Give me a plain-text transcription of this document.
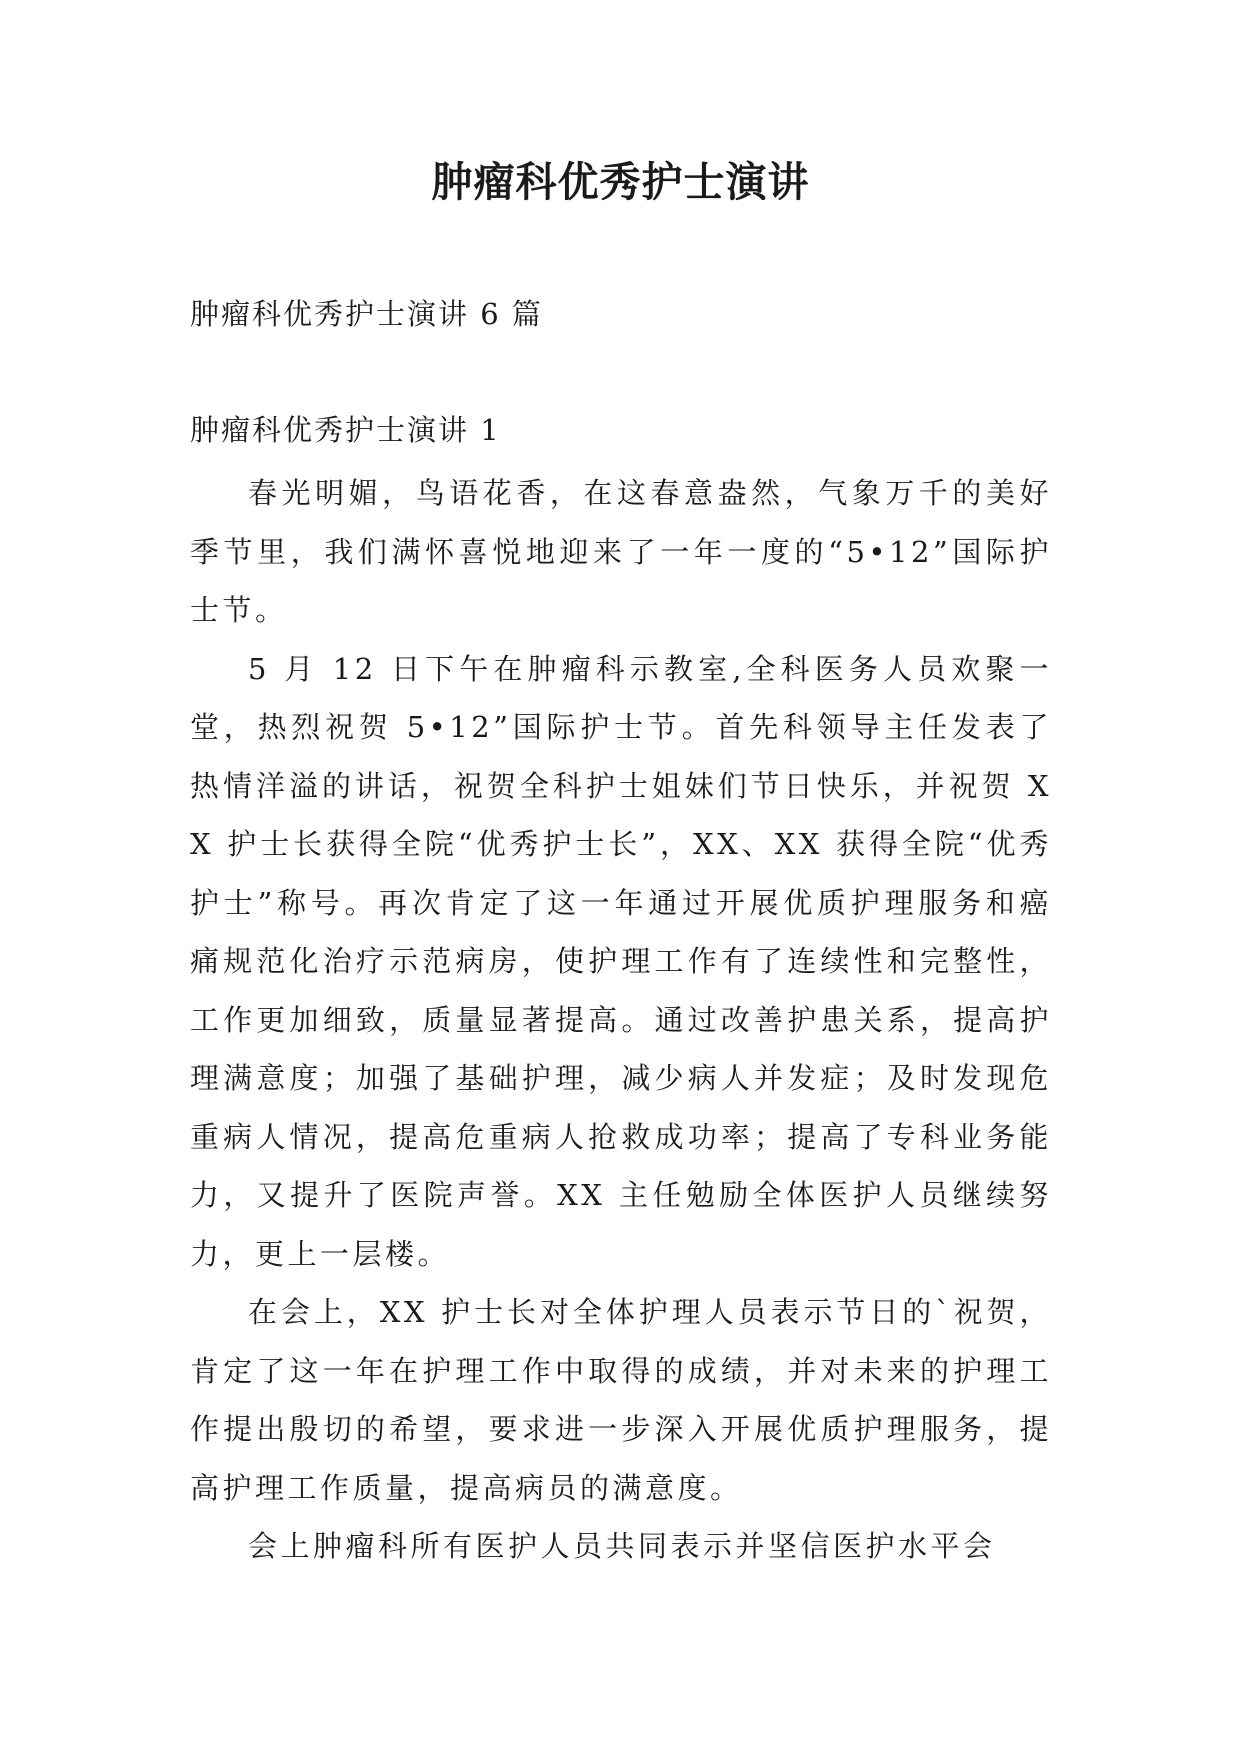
肿瘤科优秀护士演讲

肿瘤科优秀护士演讲 6 篇

肿瘤科优秀护士演讲 1

春光明媚，鸟语花香，在这春意盎然，气象万千的美好季节里，我们满怀喜悦地迎来了一年一度的“5•12”国际护士节。

5 月 12 日下午在肿瘤科示教室,全科医务人员欢聚一堂，热烈祝贺 5•12”国际护士节。首先科领导主任发表了热情洋溢的讲话，祝贺全科护士姐妹们节日快乐，并祝贺 XX 护士长获得全院“优秀护士长”，XX、XX 获得全院“优秀护士”称号。再次肯定了这一年通过开展优质护理服务和癌痛规范化治疗示范病房，使护理工作有了连续性和完整性，工作更加细致，质量显著提高。通过改善护患关系，提高护理满意度；加强了基础护理，减少病人并发症；及时发现危重病人情况，提高危重病人抢救成功率；提高了专科业务能力，又提升了医院声誉。XX 主任勉励全体医护人员继续努力，更上一层楼。

在会上，XX 护士长对全体护理人员表示节日的`祝贺，肯定了这一年在护理工作中取得的成绩，并对未来的护理工作提出殷切的希望，要求进一步深入开展优质护理服务，提高护理工作质量，提高病员的满意度。

会上肿瘤科所有医护人员共同表示并坚信医护水平会
